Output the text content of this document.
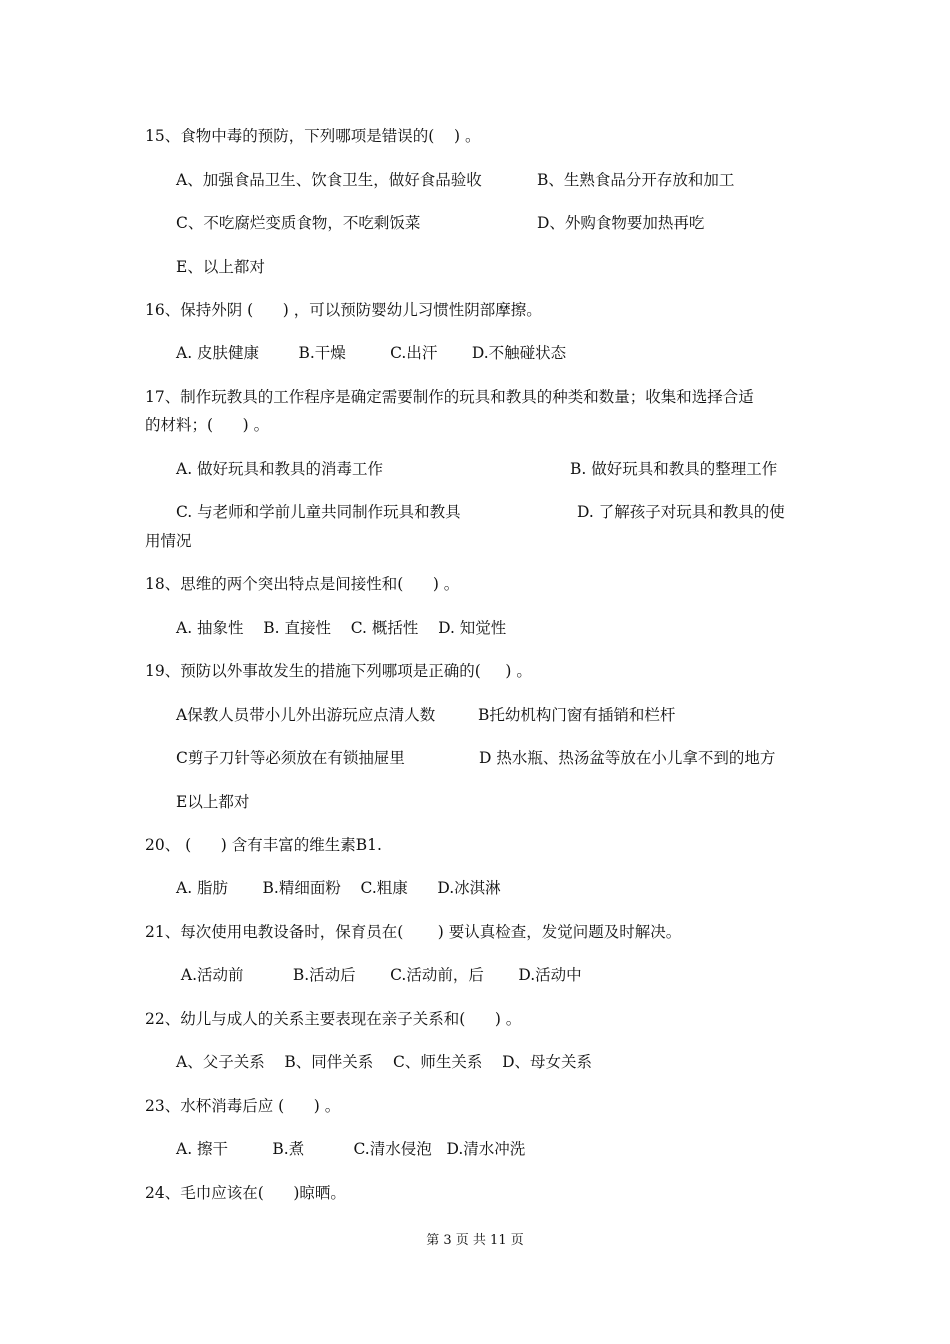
15、食物中毒的预防，下列哪项是错误的(    ) 。
A、加强食品卫生、饮食卫生，做好食品验收	B、生熟食品分开存放和加工
C、不吃腐烂变质食物，不吃剩饭菜	D、外购食物要加热再吃
E、以上都对
16、保持外阴 (      ) ，可以预防婴幼儿习惯性阴部摩擦。
A. 皮肤健康        B.干燥         C.出汗       D.不触碰状态
17、制作玩教具的工作程序是确定需要制作的玩具和教具的种类和数量；收集和选择合适
的材料；(      ) 。
A. 做好玩具和教具的消毒工作	B. 做好玩具和教具的整理工作
C. 与老师和学前儿童共同制作玩具和教具	D. 了解孩子对玩具和教具的使
用情况
18、思维的两个突出特点是间接性和(      ) 。
A. 抽象性    B. 直接性    C. 概括性    D. 知觉性
19、预防以外事故发生的措施下列哪项是正确的(     ) 。
A保教人员带小儿外出游玩应点清人数	B托幼机构门窗有插销和栏杆
C剪子刀针等必须放在有锁抽屉里	D 热水瓶、热汤盆等放在小儿拿不到的地方
E以上都对
20、 (      ) 含有丰富的维生素B1.
A. 脂肪       B.精细面粉    C.粗康      D.冰淇淋
21、每次使用电教设备时，保育员在(       ) 要认真检查，发觉问题及时解决。
A.活动前          B.活动后       C.活动前，后       D.活动中
22、幼儿与成人的关系主要表现在亲子关系和(      ) 。
A、父子关系    B、同伴关系    C、师生关系    D、母女关系
23、水杯消毒后应 (      ) 。
A. 擦干         B.煮          C.清水侵泡   D.清水冲洗
24、毛巾应该在(      )晾晒。
第 3 页 共 11 页
